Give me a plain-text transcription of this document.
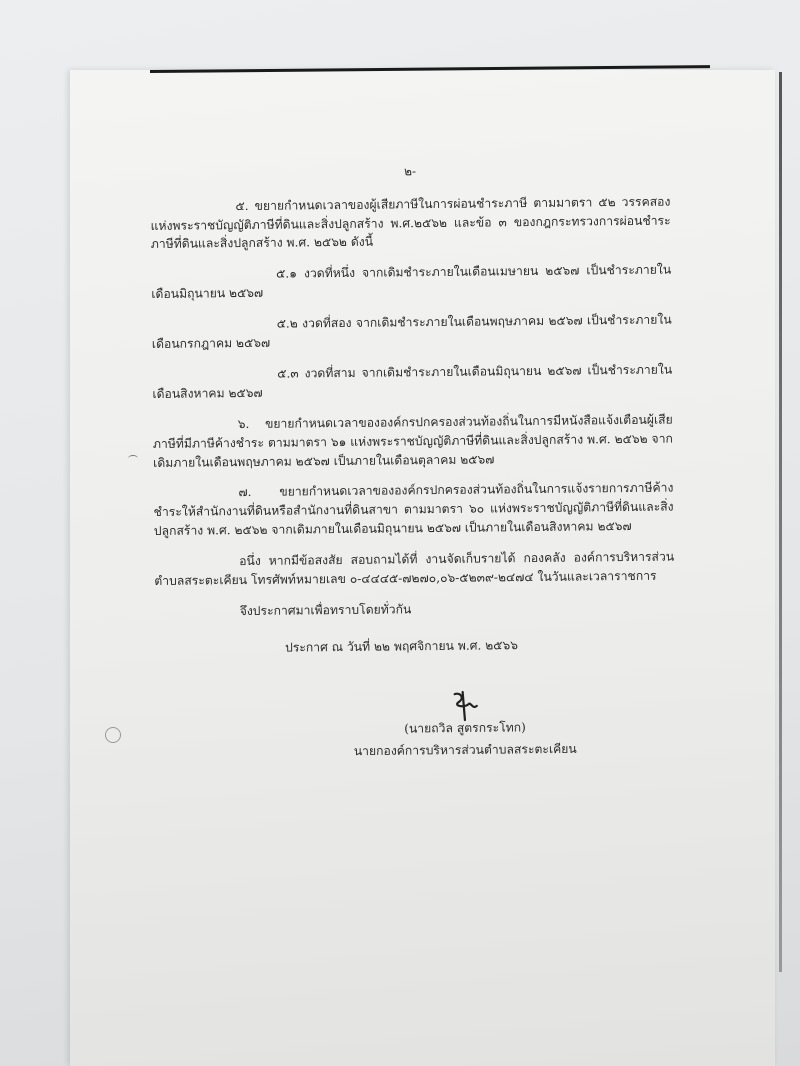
๒-

๕. ขยายกำหนดเวลาของผู้เสียภาษีในการผ่อนชำระภาษี ตามมาตรา ๕๒ วรรคสองแห่งพระราชบัญญัติภาษีที่ดินและสิ่งปลูกสร้าง พ.ศ.๒๕๖๒ และข้อ ๓ ของกฎกระทรวงการผ่อนชำระภาษีที่ดินและสิ่งปลูกสร้าง พ.ศ. ๒๕๖๒ ดังนี้

๕.๑ งวดที่หนึ่ง จากเดิมชำระภายในเดือนเมษายน ๒๕๖๗ เป็นชำระภายในเดือนมิถุนายน ๒๕๖๗

๕.๒ งวดที่สอง จากเดิมชำระภายในเดือนพฤษภาคม ๒๕๖๗ เป็นชำระภายในเดือนกรกฎาคม ๒๕๖๗

๕.๓ งวดที่สาม จากเดิมชำระภายในเดือนมิถุนายน ๒๕๖๗ เป็นชำระภายในเดือนสิงหาคม ๒๕๖๗

๖. ขยายกำหนดเวลาขององค์กรปกครองส่วนท้องถิ่นในการมีหนังสือแจ้งเตือนผู้เสียภาษีที่มีภาษีค้างชำระ ตามมาตรา ๖๑ แห่งพระราชบัญญัติภาษีที่ดินและสิ่งปลูกสร้าง พ.ศ. ๒๕๖๒ จากเดิมภายในเดือนพฤษภาคม ๒๕๖๗ เป็นภายในเดือนตุลาคม ๒๕๖๗

๗. ขยายกำหนดเวลาขององค์กรปกครองส่วนท้องถิ่นในการแจ้งรายการภาษีค้างชำระให้สำนักงานที่ดินหรือสำนักงานที่ดินสาขา ตามมาตรา ๖๐ แห่งพระราชบัญญัติภาษีที่ดินและสิ่งปลูกสร้าง พ.ศ. ๒๕๖๒ จากเดิมภายในเดือนมิถุนายน ๒๕๖๗ เป็นภายในเดือนสิงหาคม ๒๕๖๗

อนึ่ง หากมีข้อสงสัย สอบถามได้ที่ งานจัดเก็บรายได้ กองคลัง องค์การบริหารส่วนตำบลสระตะเคียน โทรศัพท์หมายเลข ๐-๔๔๔๕-๗๒๗๐,๐๖-๕๒๓๙-๒๔๗๔ ในวันและเวลาราชการ

จึงประกาศมาเพื่อทราบโดยทั่วกัน

ประกาศ ณ วันที่ ๒๒ พฤศจิกายน พ.ศ. ๒๕๖๖

(นายถวิล สูตรกระโทก)
นายกองค์การบริหารส่วนตำบลสระตะเคียน
